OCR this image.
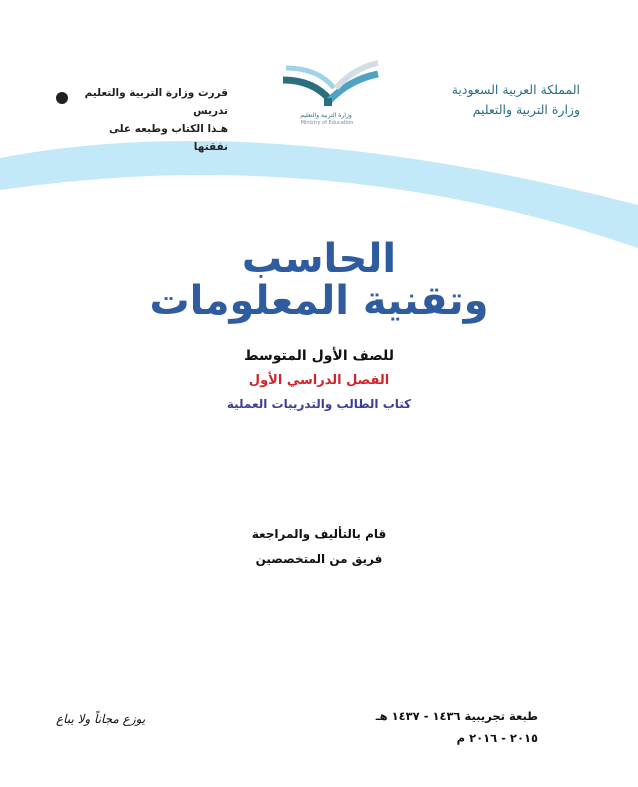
المملكة العربية السعودية
وزارة التربية والتعليم
وزارة التربية والتعليم
Ministry of Education
قررت وزارة التربية والتعليم تدريس
هـذا الكتاب وطبعه على نفقتها
الحاسب
وتقنية المعلومات
للصف الأول المتوسط
الفصل الدراسي الأول
كتاب الطالب والتدريبات العملية
قام بالتأليف والمراجعة
فريق من المتخصصين
طبعة تجريبية ١٤٣٦ - ١٤٣٧ هـ
٢٠١٥ - ٢٠١٦ م
يوزع مجاناً ولا يباع
